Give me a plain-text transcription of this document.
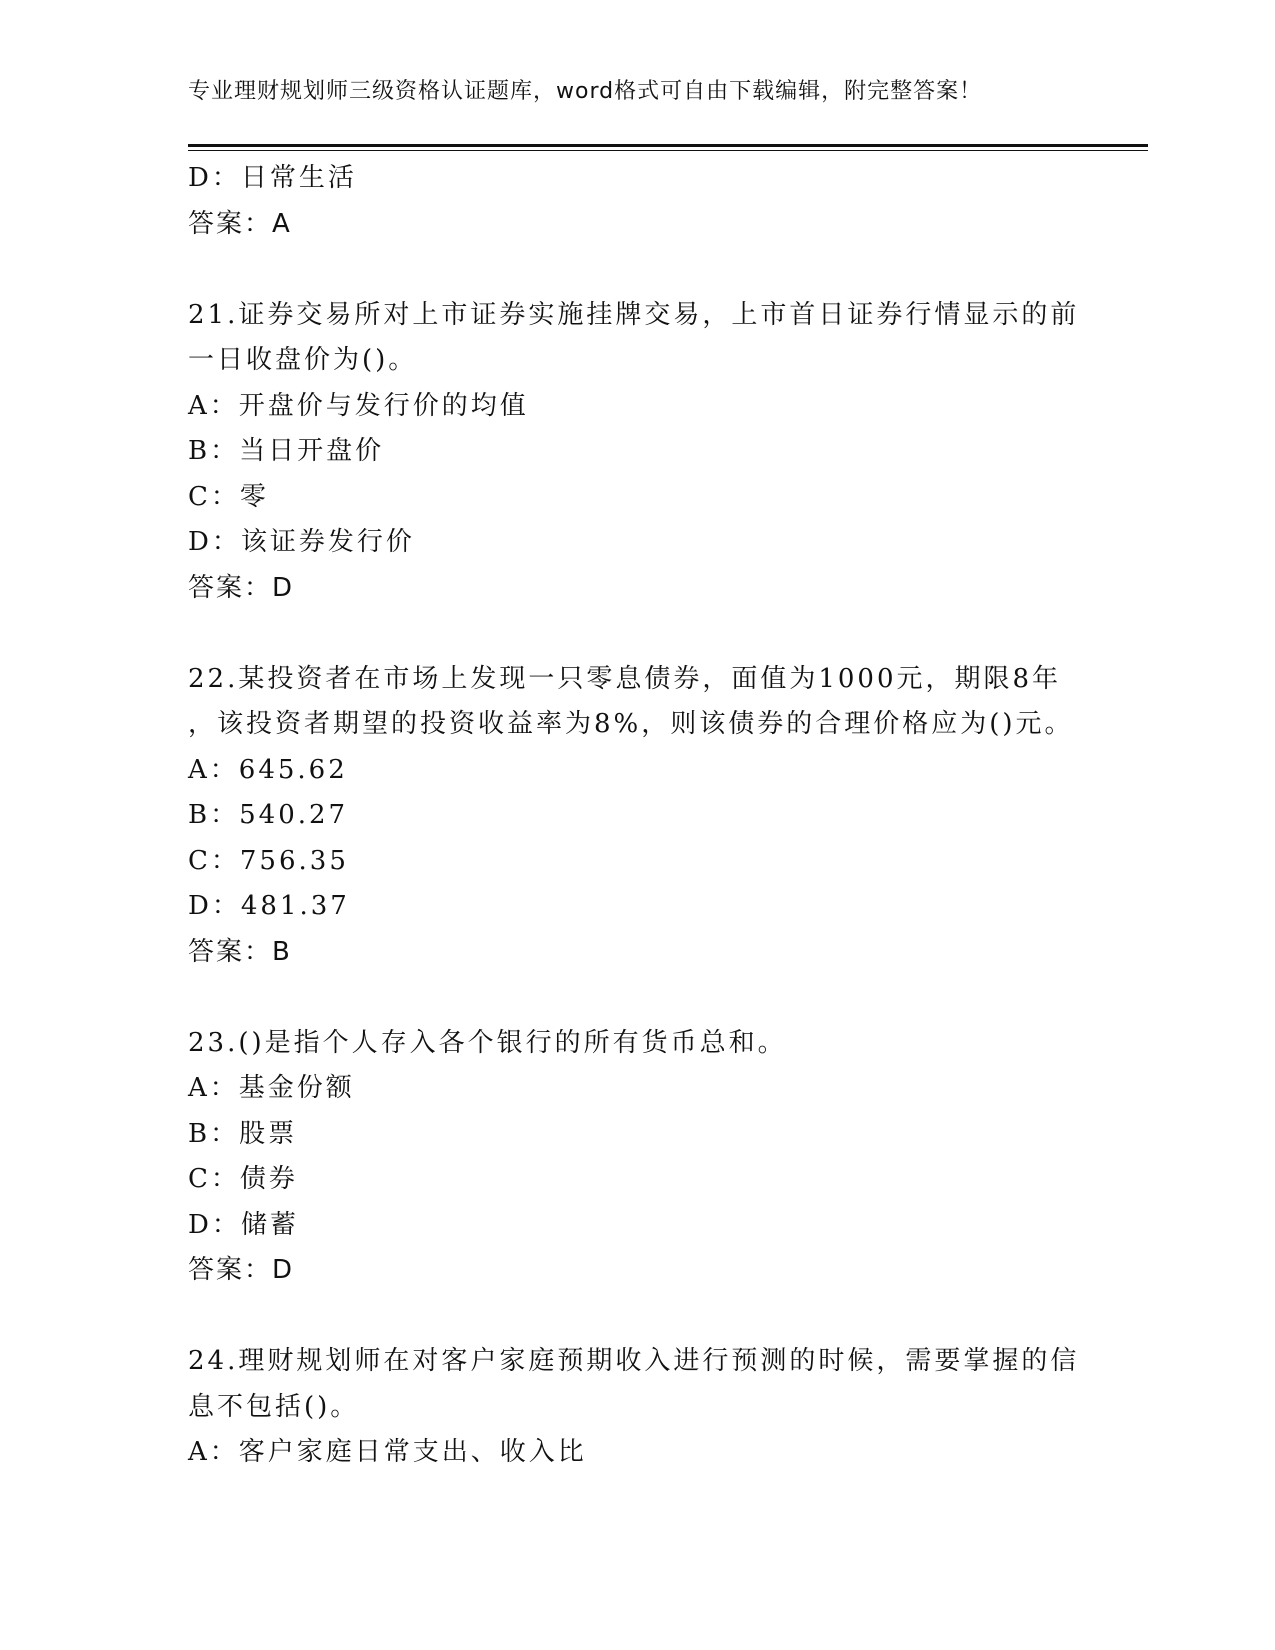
专业理财规划师三级资格认证题库，word格式可自由下载编辑，附完整答案！
D：日常生活
答案：A
21.证券交易所对上市证券实施挂牌交易，上市首日证券行情显示的前
一日收盘价为()。
A：开盘价与发行价的均值
B：当日开盘价
C：零
D：该证券发行价
答案：D
22.某投资者在市场上发现一只零息债券，面值为1000元，期限8年
，该投资者期望的投资收益率为8%，则该债券的合理价格应为()元。
A：645.62
B：540.27
C：756.35
D：481.37
答案：B
23.()是指个人存入各个银行的所有货币总和。
A：基金份额
B：股票
C：债券
D：储蓄
答案：D
24.理财规划师在对客户家庭预期收入进行预测的时候，需要掌握的信
息不包括()。
A：客户家庭日常支出、收入比
